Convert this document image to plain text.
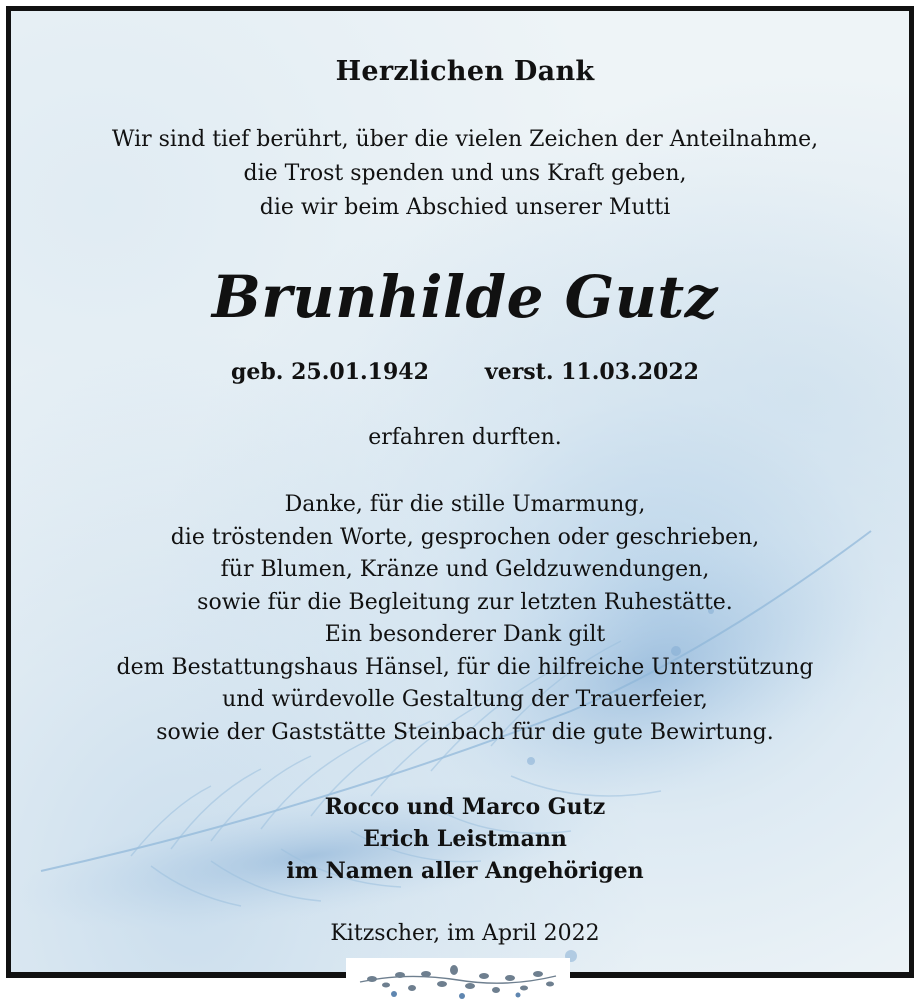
Herzlichen Dank
Wir sind tief berührt, über die vielen Zeichen der Anteilnahme,
die Trost spenden und uns Kraft geben,
die wir beim Abschied unserer Mutti
Brunhilde Gutz
geb. 25.01.1942	verst. 11.03.2022
erfahren durften.
Danke, für die stille Umarmung,
die tröstenden Worte, gesprochen oder geschrieben,
für Blumen, Kränze und Geldzuwendungen,
sowie für die Begleitung zur letzten Ruhestätte.
Ein besonderer Dank gilt
dem Bestattungshaus Hänsel, für die hilfreiche Unterstützung
und würdevolle Gestaltung der Trauerfeier,
sowie der Gaststätte Steinbach für die gute Bewirtung.
Rocco und Marco Gutz
Erich Leistmann
im Namen aller Angehörigen
Kitzscher, im April 2022
